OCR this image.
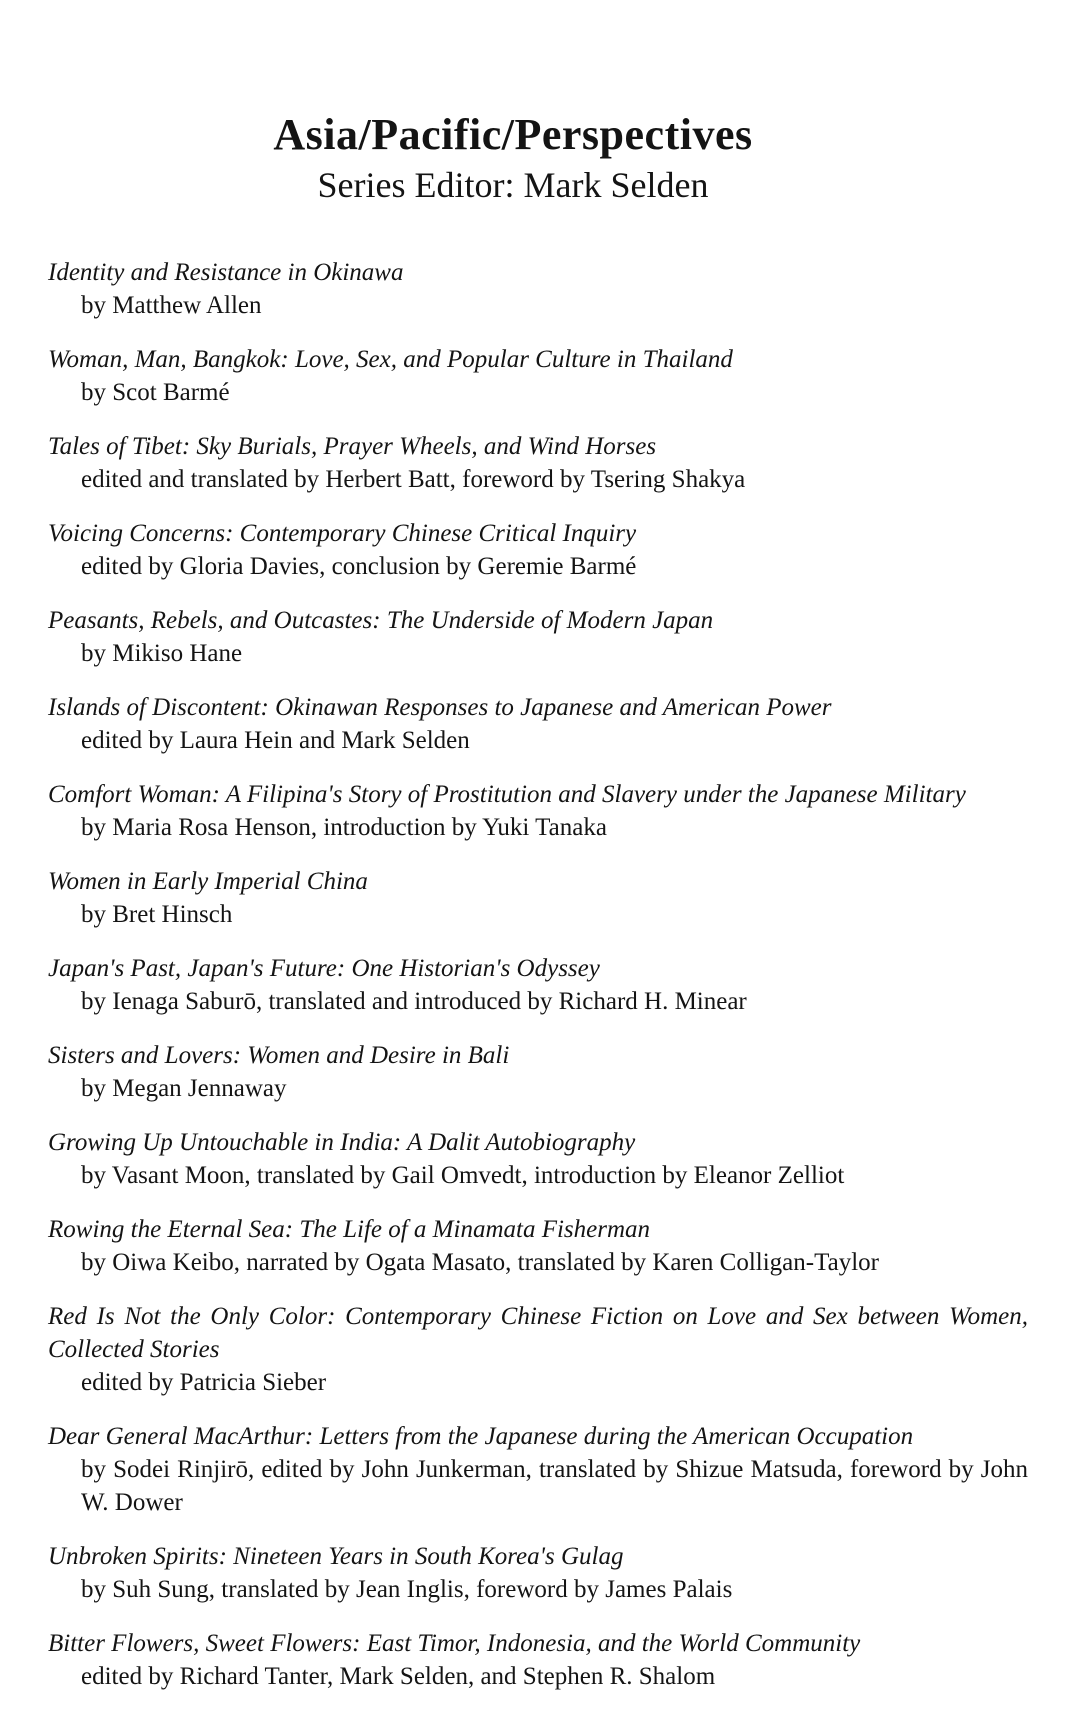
Asia/Pacific/Perspectives
Series Editor: Mark Selden
Identity and Resistance in Okinawa
by Matthew Allen
Woman, Man, Bangkok: Love, Sex, and Popular Culture in Thailand
by Scot Barmé
Tales of Tibet: Sky Burials, Prayer Wheels, and Wind Horses
edited and translated by Herbert Batt, foreword by Tsering Shakya
Voicing Concerns: Contemporary Chinese Critical Inquiry
edited by Gloria Davies, conclusion by Geremie Barmé
Peasants, Rebels, and Outcastes: The Underside of Modern Japan
by Mikiso Hane
Islands of Discontent: Okinawan Responses to Japanese and American Power
edited by Laura Hein and Mark Selden
Comfort Woman: A Filipina's Story of Prostitution and Slavery under the Japanese Military
by Maria Rosa Henson, introduction by Yuki Tanaka
Women in Early Imperial China
by Bret Hinsch
Japan's Past, Japan's Future: One Historian's Odyssey
by Ienaga Saburō, translated and introduced by Richard H. Minear
Sisters and Lovers: Women and Desire in Bali
by Megan Jennaway
Growing Up Untouchable in India: A Dalit Autobiography
by Vasant Moon, translated by Gail Omvedt, introduction by Eleanor Zelliot
Rowing the Eternal Sea: The Life of a Minamata Fisherman
by Oiwa Keibo, narrated by Ogata Masato, translated by Karen Colligan-Taylor
Red Is Not the Only Color: Contemporary Chinese Fiction on Love and Sex between Women, Collected Stories
edited by Patricia Sieber
Dear General MacArthur: Letters from the Japanese during the American Occupation
by Sodei Rinjirō, edited by John Junkerman, translated by Shizue Matsuda, foreword by John W. Dower
Unbroken Spirits: Nineteen Years in South Korea's Gulag
by Suh Sung, translated by Jean Inglis, foreword by James Palais
Bitter Flowers, Sweet Flowers: East Timor, Indonesia, and the World Community
edited by Richard Tanter, Mark Selden, and Stephen R. Shalom
